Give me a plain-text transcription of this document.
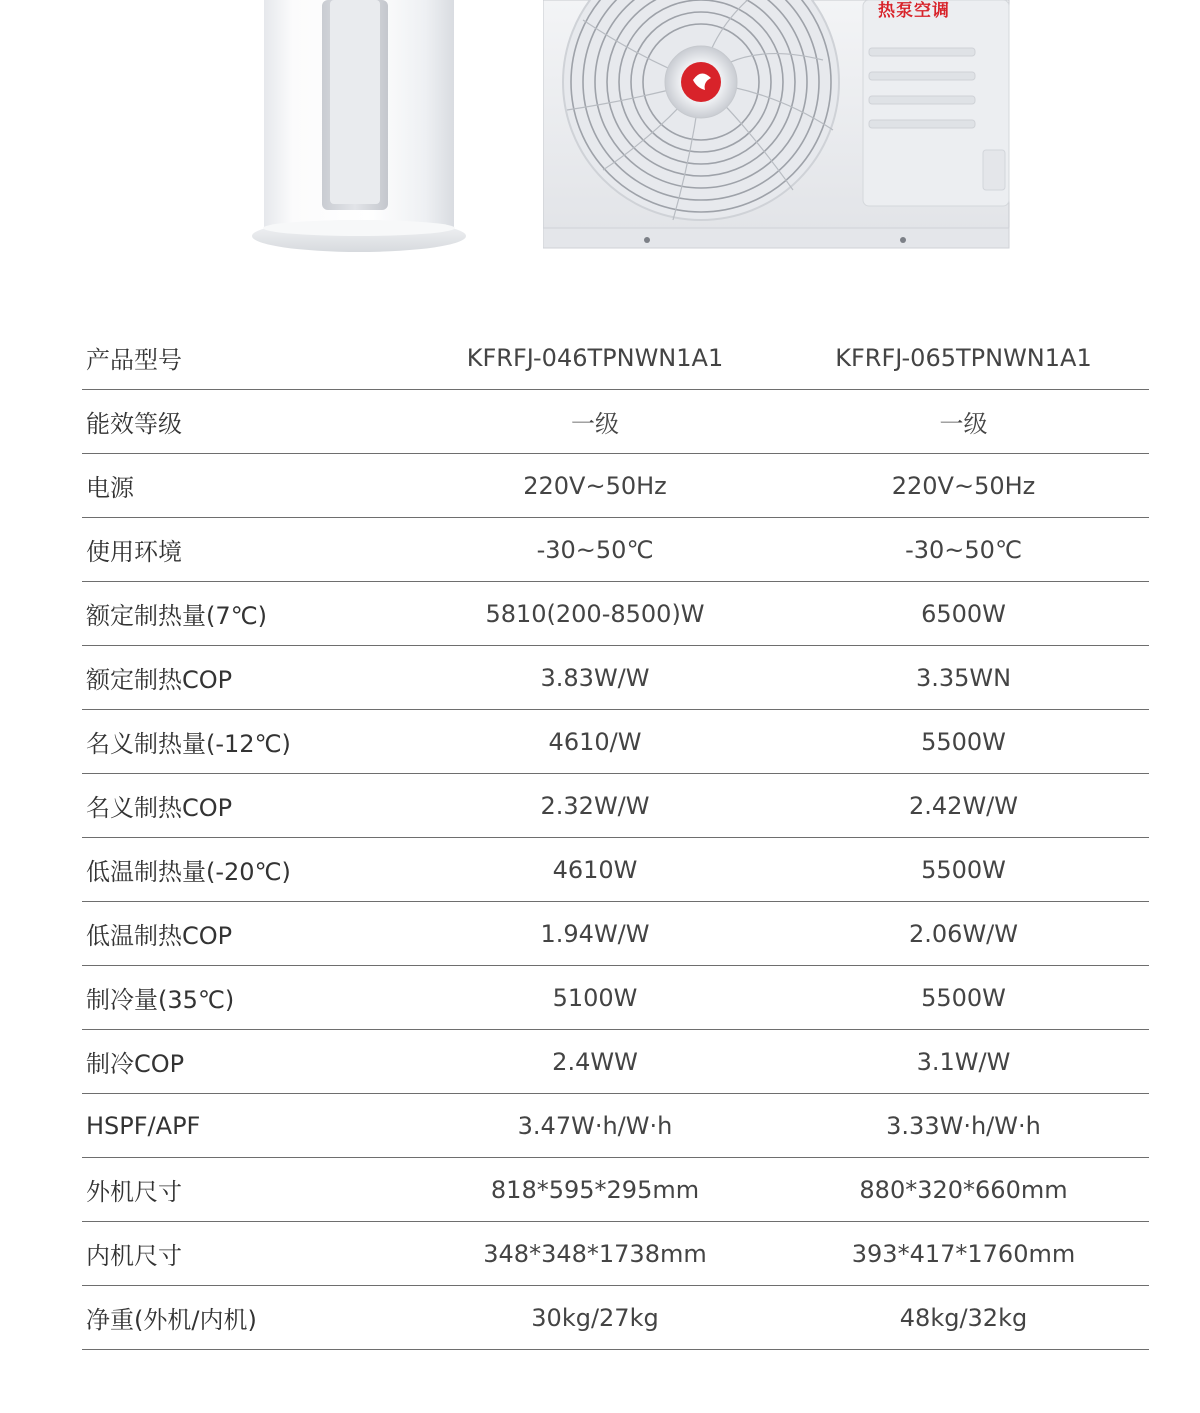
热泵空调
产品型号	KFRFJ-046TPNWN1A1	KFRFJ-065TPNWN1A1
能效等级	一级	一级
电源	220V~50Hz	220V~50Hz
使用环境	-30~50℃	-30~50℃
额定制热量(7℃)	5810(200-8500)W	6500W
额定制热COP	3.83W/W	3.35WN
名义制热量(-12℃)	4610/W	5500W
名义制热COP	2.32W/W	2.42W/W
低温制热量(-20℃)	4610W	5500W
低温制热COP	1.94W/W	2.06W/W
制冷量(35℃)	5100W	5500W
制冷COP	2.4WW	3.1W/W
HSPF/APF	3.47W·h/W·h	3.33W·h/W·h
外机尺寸	818*595*295mm	880*320*660mm
内机尺寸	348*348*1738mm	393*417*1760mm
净重(外机/内机)	30kg/27kg	48kg/32kg
